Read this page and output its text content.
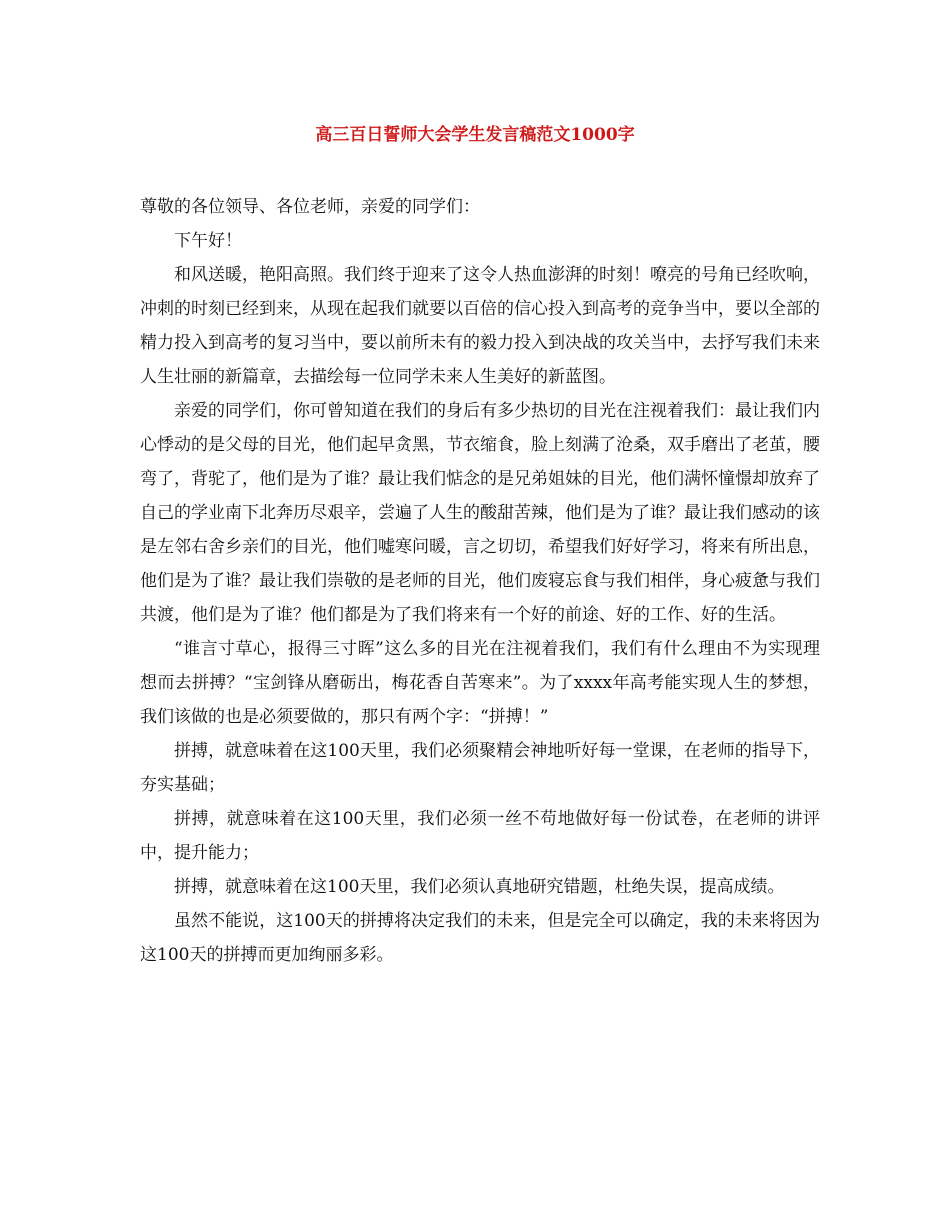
高三百日誓师大会学生发言稿范文1000字

尊敬的各位领导、各位老师，亲爱的同学们：

下午好！

和风送暖，艳阳高照。我们终于迎来了这令人热血澎湃的时刻！嘹亮的号角已经吹响，冲刺的时刻已经到来，从现在起我们就要以百倍的信心投入到高考的竞争当中，要以全部的精力投入到高考的复习当中，要以前所未有的毅力投入到决战的攻关当中，去抒写我们未来人生壮丽的新篇章，去描绘每一位同学未来人生美好的新蓝图。

亲爱的同学们，你可曾知道在我们的身后有多少热切的目光在注视着我们：最让我们内心悸动的是父母的目光，他们起早贪黑，节衣缩食，脸上刻满了沧桑，双手磨出了老茧，腰弯了，背驼了，他们是为了谁？最让我们惦念的是兄弟姐妹的目光，他们满怀憧憬却放弃了自己的学业南下北奔历尽艰辛，尝遍了人生的酸甜苦辣，他们是为了谁？最让我们感动的该是左邻右舍乡亲们的目光，他们嘘寒问暖，言之切切，希望我们好好学习，将来有所出息，他们是为了谁？最让我们崇敬的是老师的目光，他们废寝忘食与我们相伴，身心疲惫与我们共渡，他们是为了谁？他们都是为了我们将来有一个好的前途、好的工作、好的生活。

“谁言寸草心，报得三寸晖”这么多的目光在注视着我们，我们有什么理由不为实现理想而去拼搏？“宝剑锋从磨砺出，梅花香自苦寒来”。为了xxxx年高考能实现人生的梦想，我们该做的也是必须要做的，那只有两个字：“拼搏！”

拼搏，就意味着在这100天里，我们必须聚精会神地听好每一堂课，在老师的指导下，夯实基础；

拼搏，就意味着在这100天里，我们必须一丝不苟地做好每一份试卷，在老师的讲评中，提升能力；

拼搏，就意味着在这100天里，我们必须认真地研究错题，杜绝失误，提高成绩。

虽然不能说，这100天的拼搏将决定我们的未来，但是完全可以确定，我的未来将因为这100天的拼搏而更加绚丽多彩。
